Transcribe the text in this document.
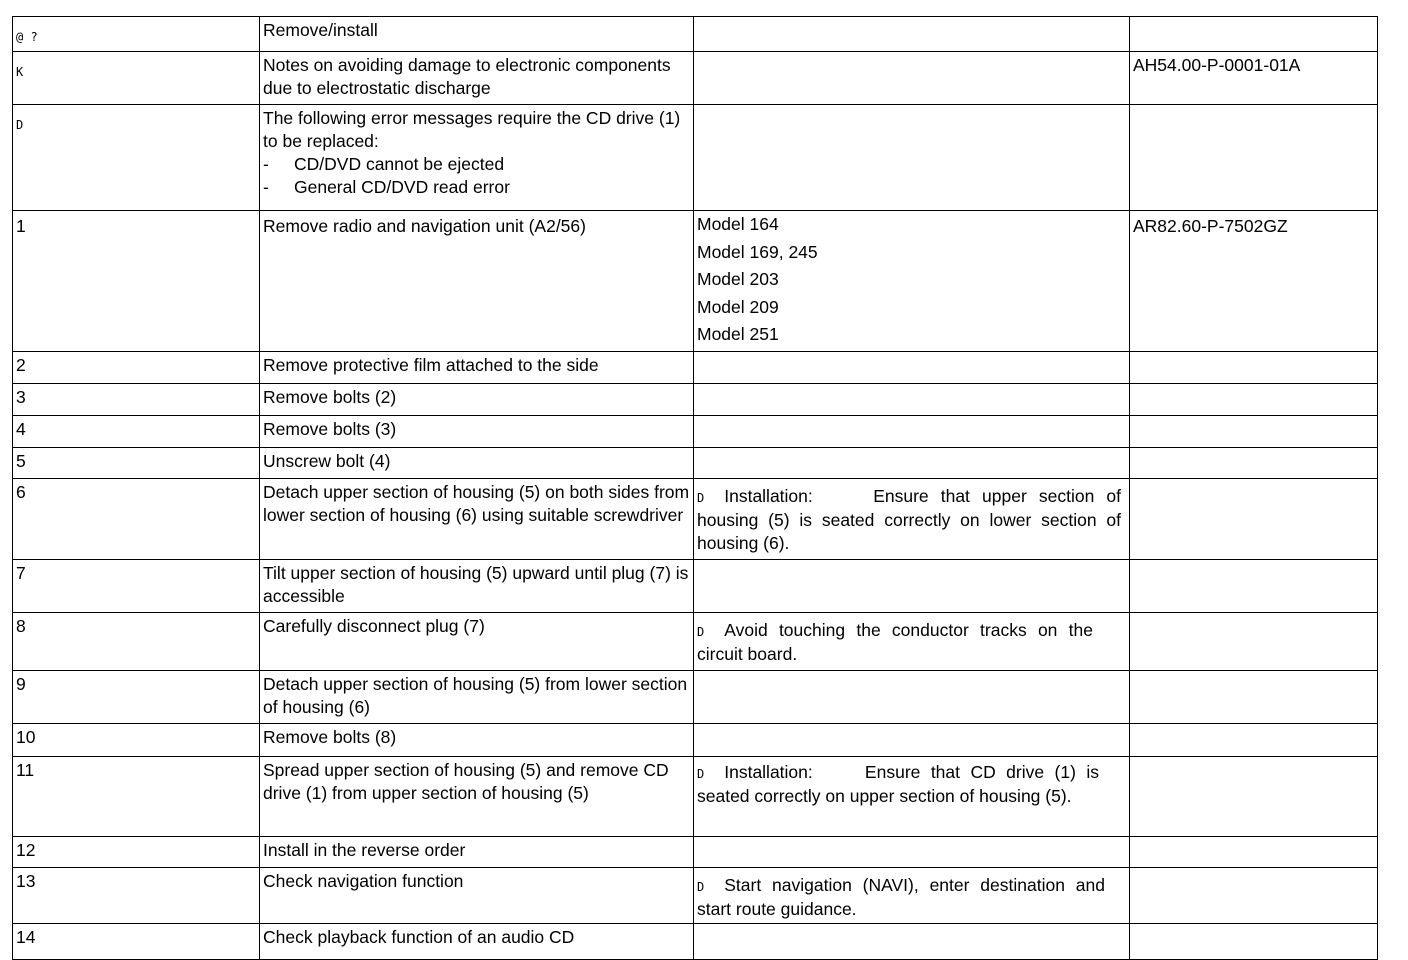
@ ?	Remove/install		
K	Notes on avoiding damage to electronic components due to electrostatic discharge		AH54.00-P-0001-01A
D	The following error messages require the CD drive (1) to be replaced:
- CD/DVD cannot be ejected
- General CD/DVD read error		

1	Remove radio and navigation unit (A2/56)	Model 164
Model 169, 245
Model 203
Model 209
Model 251	AR82.60-P-7502GZ
2	Remove protective film attached to the side		
3	Remove bolts (2)		
4	Remove bolts (3)		
5	Unscrew bolt (4)		
6	Detach upper section of housing (5) on both sides from lower section of housing (6) using suitable screwdriver	D Installation:     Ensure that upper section of housing (5) is seated correctly on lower section of housing (6).	

7	Tilt upper section of housing (5) upward until plug (7) is accessible		
8	Carefully disconnect plug (7)	D Avoid touching the conductor tracks on the circuit board.	

9	Detach upper section of housing (5) from lower section of housing (6)		
10	Remove bolts (8)		
11	Spread upper section of housing (5) and remove CD drive (1) from upper section of housing (5)	D Installation:     Ensure that CD drive (1) is seated correctly on upper section of housing (5).	

12	Install in the reverse order		
13	Check navigation function	D Start navigation (NAVI), enter destination and start route guidance.	

14	Check playback function of an audio CD		
